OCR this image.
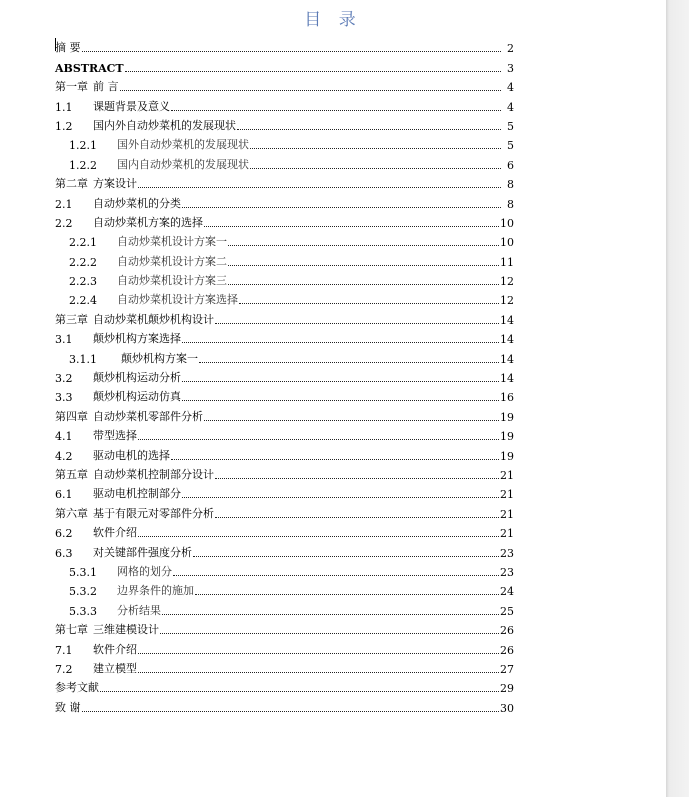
目 录
摘 要	2
ABSTRACT	3
第一章 前 言	4
1.1	课题背景及意义	4
1.2	国内外自动炒菜机的发展现状	5
1.2.1	国外自动炒菜机的发展现状	5
1.2.2	国内自动炒菜机的发展现状	6
第二章 方案设计	8
2.1	自动炒菜机的分类	8
2.2	自动炒菜机方案的选择	10
2.2.1	自动炒菜机设计方案一	10
2.2.2	自动炒菜机设计方案二	11
2.2.3	自动炒菜机设计方案三	12
2.2.4	自动炒菜机设计方案选择	12
第三章 自动炒菜机颠炒机构设计	14
3.1	颠炒机构方案选择	14
3.1.1	颠炒机构方案一	14
3.2	颠炒机构运动分析	14
3.3	颠炒机构运动仿真	16
第四章 自动炒菜机零部件分析	19
4.1	带型选择	19
4.2	驱动电机的选择	19
第五章 自动炒菜机控制部分设计	21
6.1	驱动电机控制部分	21
第六章 基于有限元对零部件分析	21
6.2	软件介绍	21
6.3	对关键部件强度分析	23
5.3.1	网格的划分	23
5.3.2	边界条件的施加	24
5.3.3	分析结果	25
第七章 三维建模设计	26
7.1	软件介绍	26
7.2	建立模型	27
参考文献	29
致 谢	30
